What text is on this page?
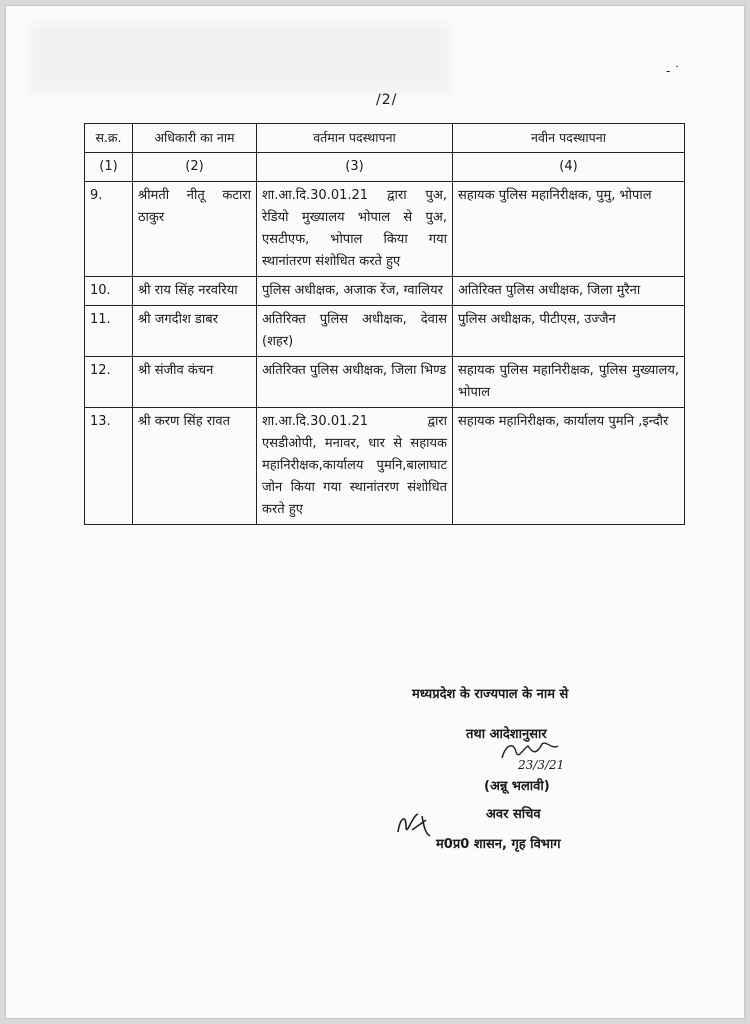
- ˙
/2/
स.क्र.	अधिकारी का नाम	वर्तमान पदस्थापना	नवीन पदस्थापना
(1)	(2)	(3)	(4)
9.	श्रीमती नीतू कटारा ठाकुर	शा.आ.दि.30.01.21 द्वारा पुअ, रेडियो मुख्यालय भोपाल से पुअ, एसटीएफ, भोपाल किया गया स्थानांतरण संशोधित करते हुए	सहायक पुलिस महानिरीक्षक, पुमु, भोपाल
10.	श्री राय सिंह नरवरिया	पुलिस अधीक्षक, अजाक रेंज, ग्वालियर	अतिरिक्त पुलिस अधीक्षक, जिला मुरैना
11.	श्री जगदीश डाबर	अतिरिक्त पुलिस अधीक्षक, देवास (शहर)	पुलिस अधीक्षक, पीटीएस, उज्जैन
12.	श्री संजीव कंचन	अतिरिक्त पुलिस अधीक्षक, जिला भिण्ड	सहायक पुलिस महानिरीक्षक, पुलिस मुख्यालय, भोपाल
13.	श्री करण सिंह रावत	शा.आ.दि.30.01.21 द्वारा एसडीओपी, मनावर, धार से सहायक महानिरीक्षक,कार्यालय पुमनि,बालाघाट जोन किया गया स्थानांतरण संशोधित करते हुए	सहायक महानिरीक्षक, कार्यालय पुमनि ,इन्दौर
मध्यप्रदेश के राज्यपाल के नाम से
तथा आदेशानुसार
23/3/21
(अन्नू भलावी)
अवर सचिव
म0प्र0 शासन, गृह विभाग
